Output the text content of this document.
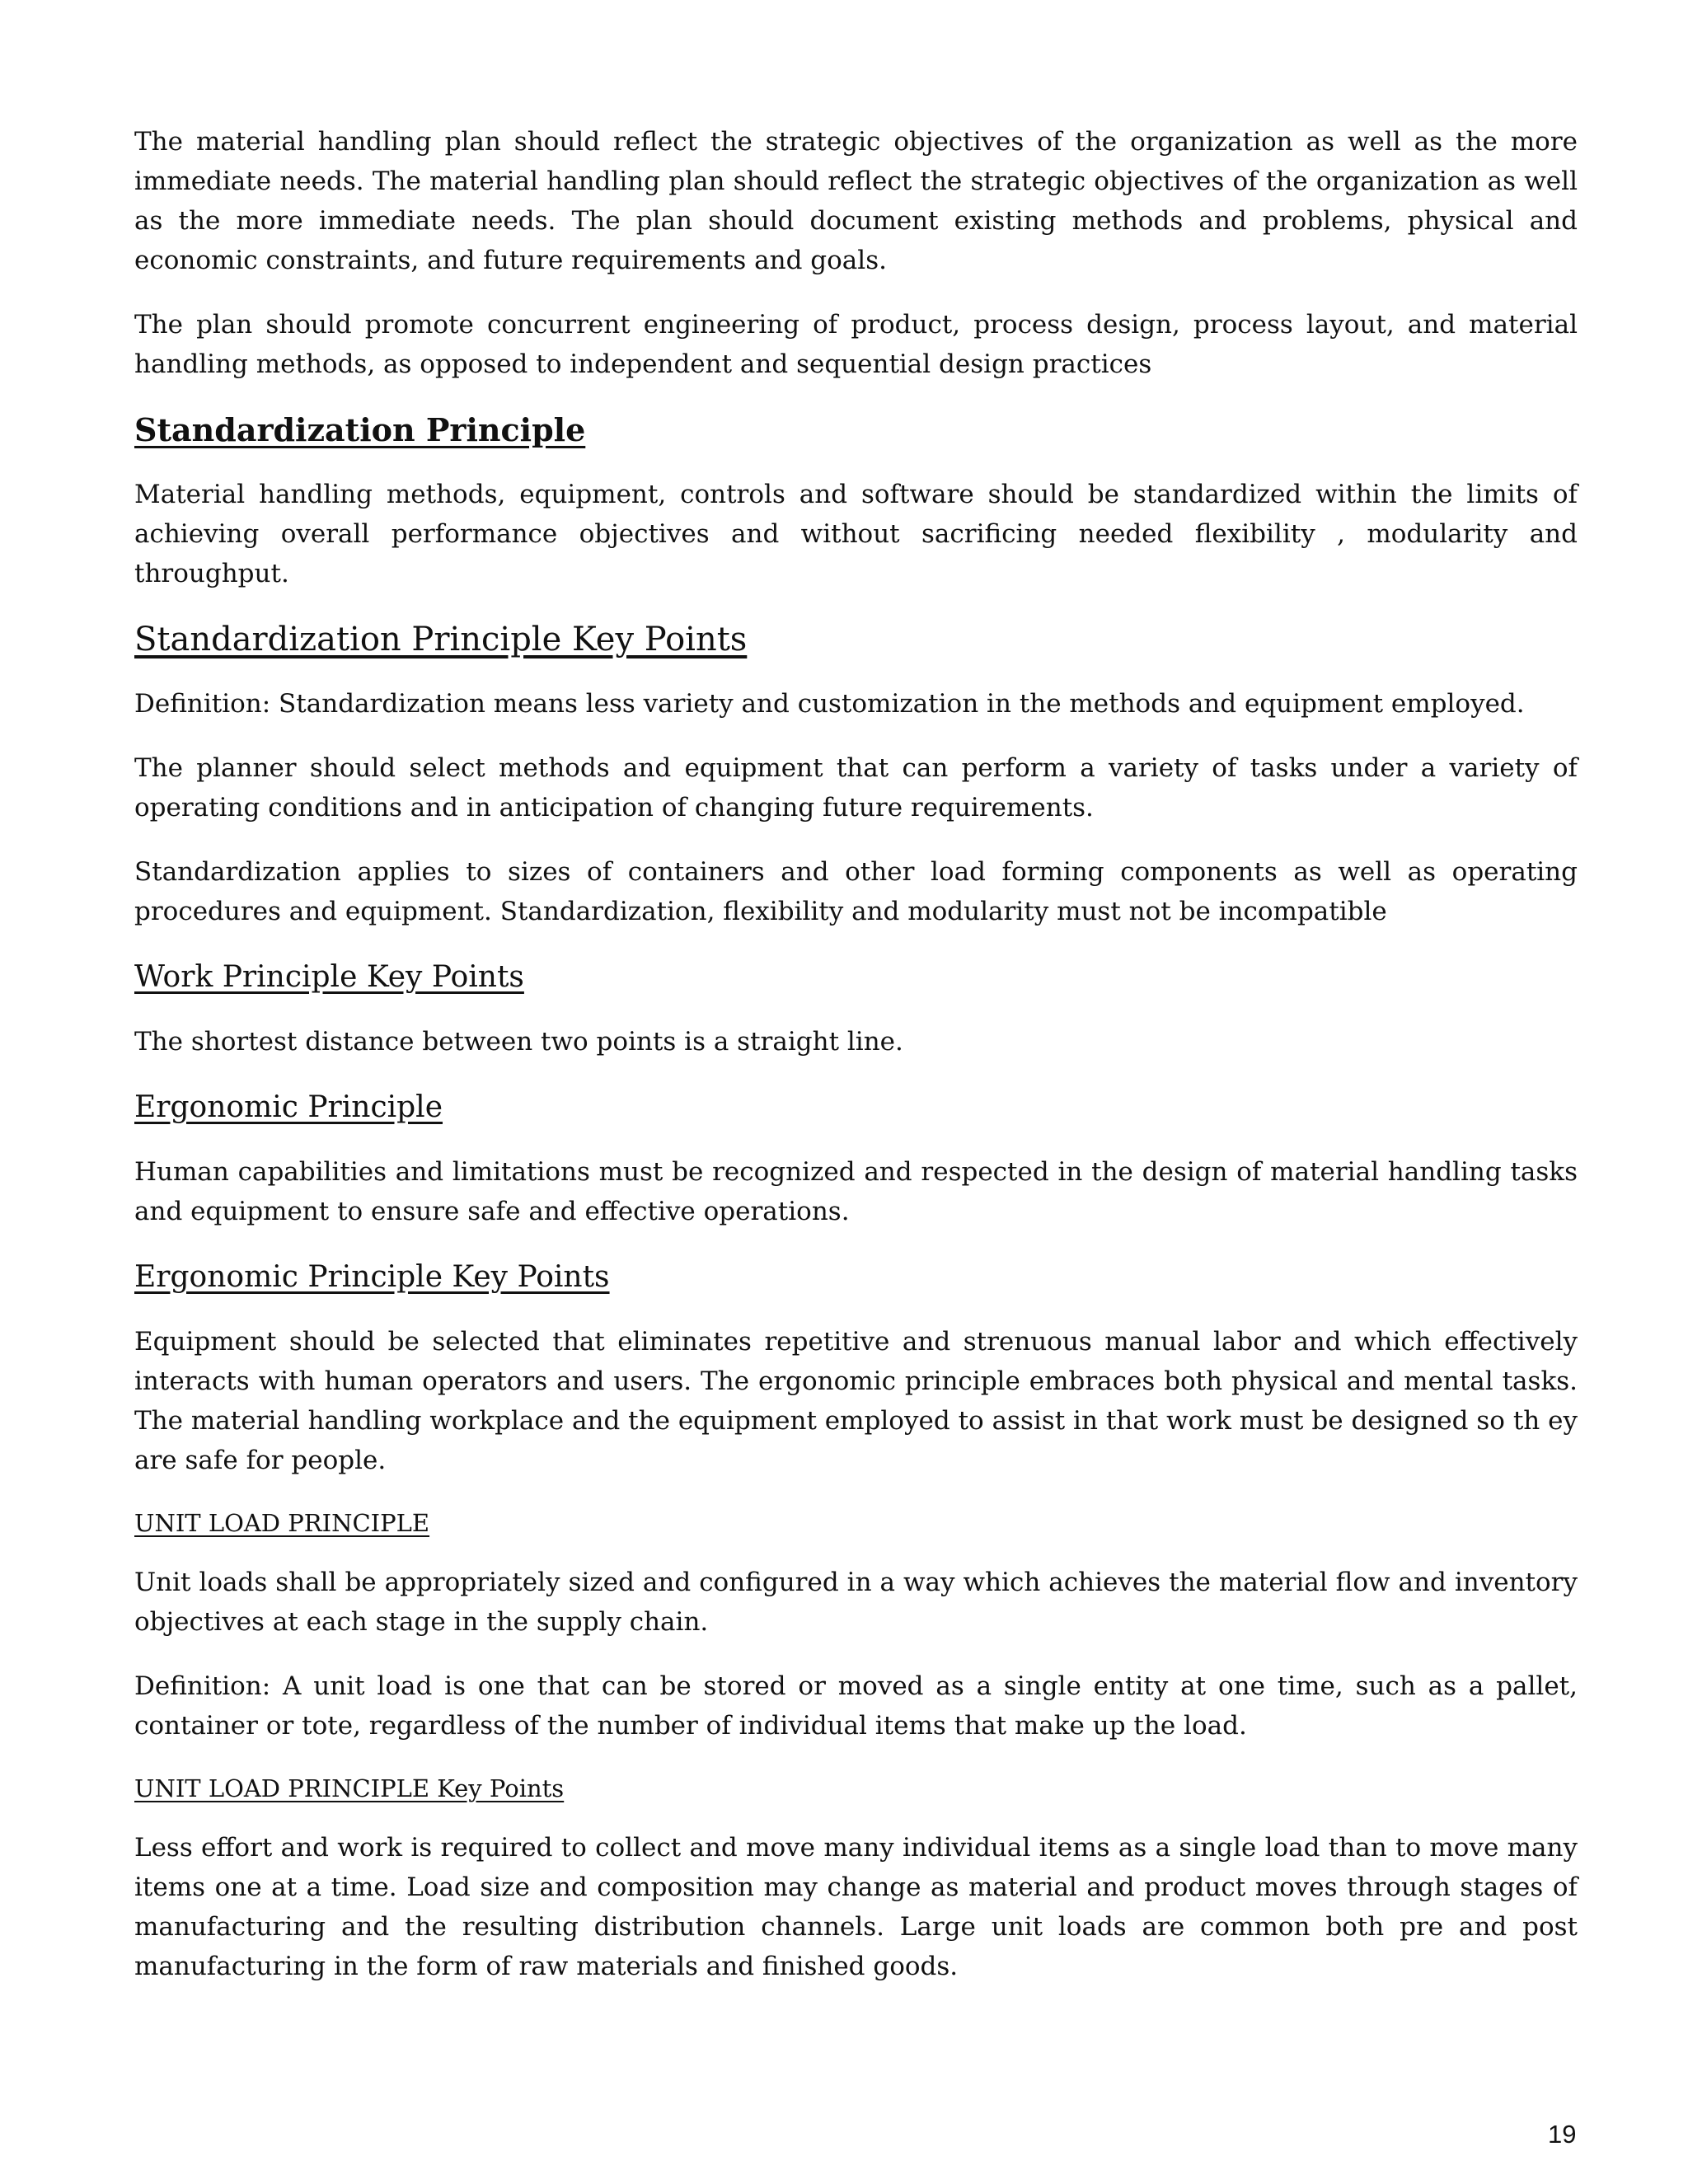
The material handling plan should reflect the strategic objectives of the organization as well as the more immediate needs. The material handling plan should reflect the strategic objectives of the organization as well as the more immediate needs. The plan should document existing methods and problems, physical and economic constraints, and future requirements and goals.

The plan should promote concurrent engineering of product, process design, process layout, and material handling methods, as opposed to independent and sequential design practices

Standardization Principle

Material handling methods, equipment, controls and software should be standardized within the limits of achieving overall performance objectives and without sacrificing needed flexibility , modularity and throughput.

Standardization Principle Key Points

Definition: Standardization means less variety and customization in the methods and equipment employed.

The planner should select methods and equipment that can perform a variety of tasks under a variety of operating conditions and in anticipation of changing future requirements.

Standardization applies to sizes of containers and other load forming components as well as operating procedures and equipment. Standardization, flexibility and modularity must not be incompatible

Work Principle Key Points

The shortest distance between two points is a straight line.

Ergonomic Principle

Human capabilities and limitations must be recognized and respected in the design of material handling tasks and equipment to ensure safe and effective operations.

Ergonomic Principle Key Points

Equipment should be selected that eliminates repetitive and strenuous manual labor and which effectively interacts with human operators and users. The ergonomic principle embraces both physical and mental tasks. The material handling workplace and the equipment employed to assist in that work must be designed so th ey are safe for people.

UNIT LOAD PRINCIPLE

Unit loads shall be appropriately sized and configured in a way which achieves the material flow and inventory objectives at each stage in the supply chain.

Definition: A unit load is one that can be stored or moved as a single entity at one time, such as a pallet, container or tote, regardless of the number of individual items that make up the load.

UNIT LOAD PRINCIPLE Key Points

Less effort and work is required to collect and move many individual items as a single load than to move many items one at a time. Load size and composition may change as material and product moves through stages of manufacturing and the resulting distribution channels. Large unit loads are common both pre and post manufacturing in the form of raw materials and finished goods.

19
